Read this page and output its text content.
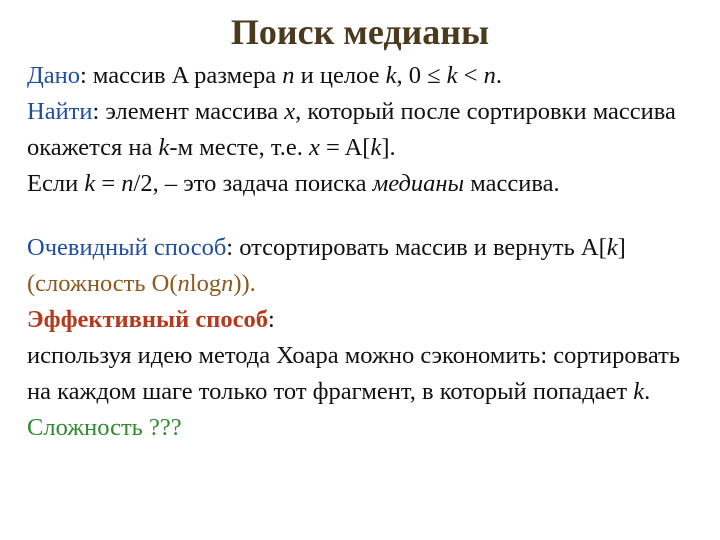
Поиск медианы

Дано: массив A размера n и целое k, 0 ≤ k < n.

Найти: элемент массива x, который после сортировки массива окажется на k-м месте, т.е. x = A[k].

Если k = n/2, – это задача поиска медианы массива.

Очевидный способ: отсортировать массив и вернуть A[k] (сложность O(nlogn)).

Эффективный способ:

используя идею метода Хоара можно сэкономить: сортировать на каждом шаге только тот фрагмент, в который попадает k.

Сложность ???
